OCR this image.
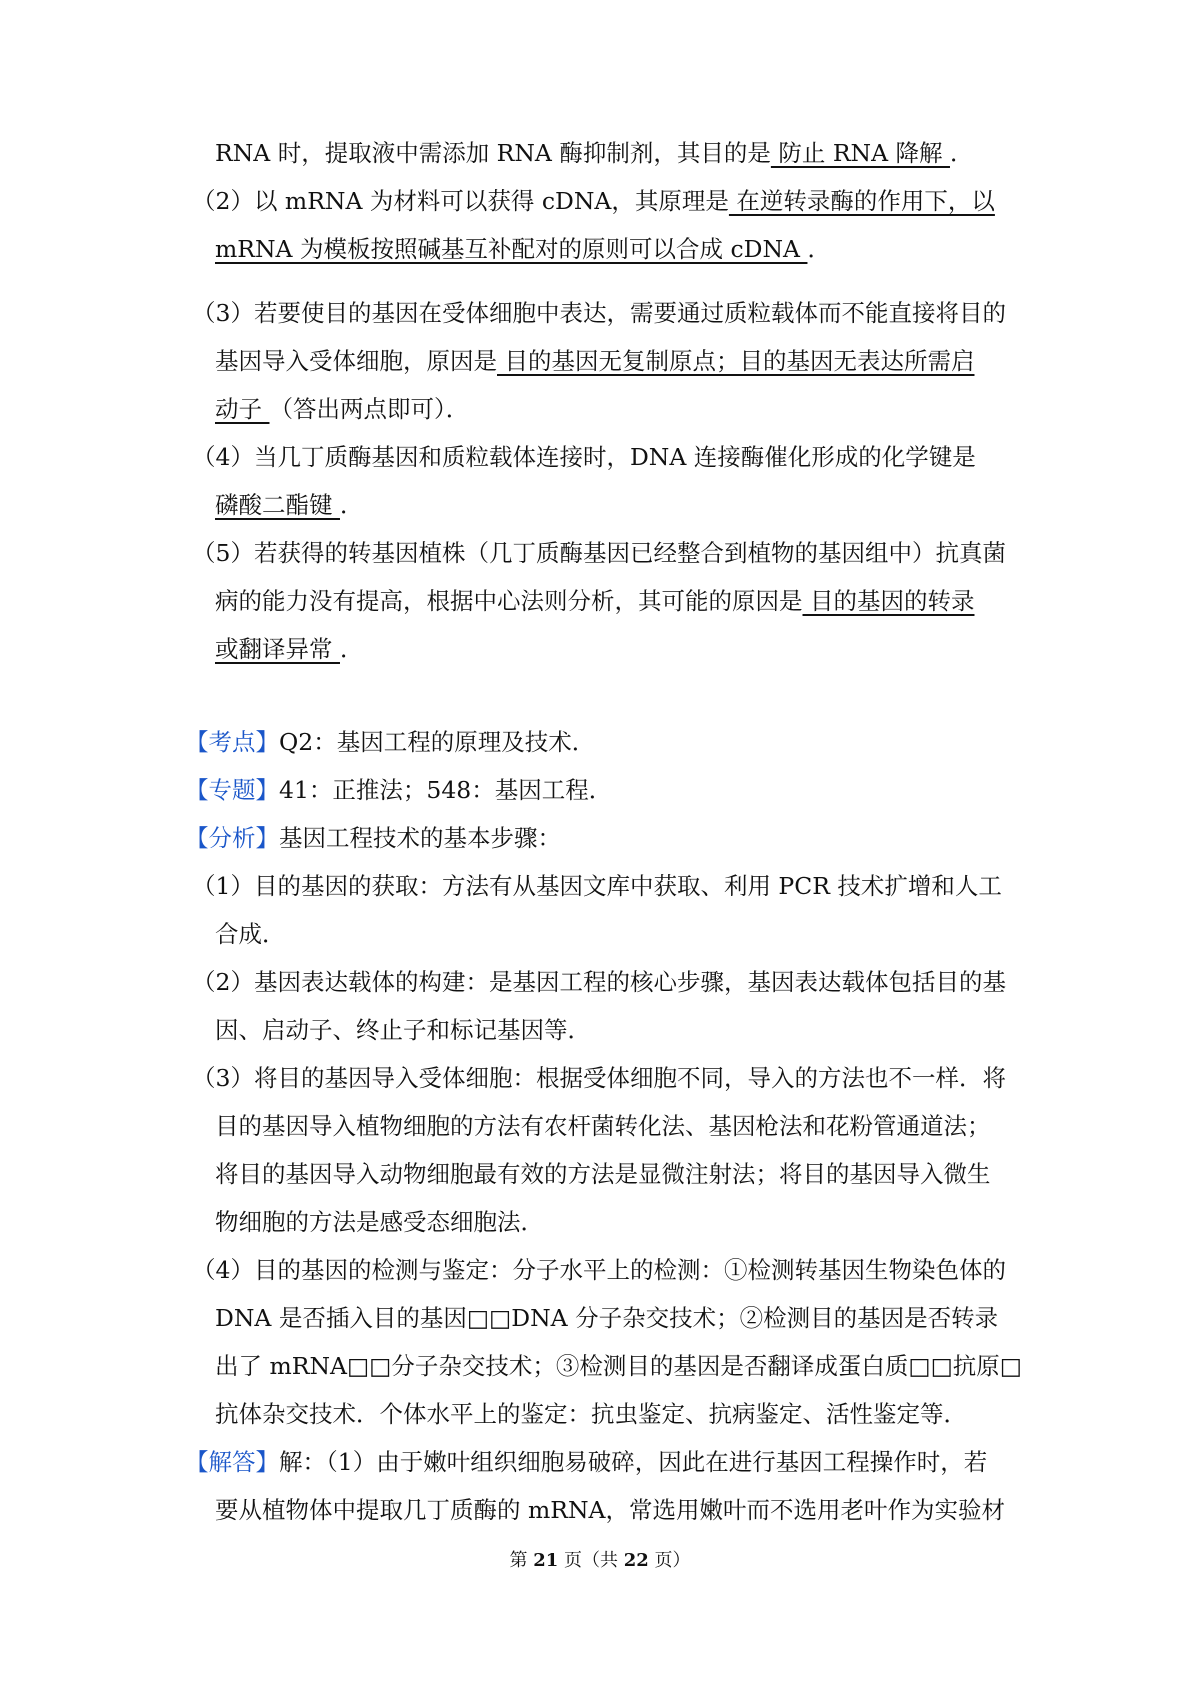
RNA 时，提取液中需添加 RNA 酶抑制剂，其目的是 防止 RNA 降解 ．
（2）以 mRNA 为材料可以获得 cDNA，其原理是 在逆转录酶的作用下，以
mRNA 为模板按照碱基互补配对的原则可以合成 cDNA ．
（3）若要使目的基因在受体细胞中表达，需要通过质粒载体而不能直接将目的
基因导入受体细胞，原因是 目的基因无复制原点；目的基因无表达所需启
动子 （答出两点即可）．
（4）当几丁质酶基因和质粒载体连接时，DNA 连接酶催化形成的化学键是
磷酸二酯键 ．
（5）若获得的转基因植株（几丁质酶基因已经整合到植物的基因组中）抗真菌
病的能力没有提高，根据中心法则分析，其可能的原因是 目的基因的转录
或翻译异常 ．
【考点】Q2：基因工程的原理及技术．
【专题】41：正推法；548：基因工程．
【分析】基因工程技术的基本步骤：
（1）目的基因的获取：方法有从基因文库中获取、利用 PCR 技术扩增和人工
合成．
（2）基因表达载体的构建：是基因工程的核心步骤，基因表达载体包括目的基
因、启动子、终止子和标记基因等．
（3）将目的基因导入受体细胞：根据受体细胞不同，导入的方法也不一样．将
目的基因导入植物细胞的方法有农杆菌转化法、基因枪法和花粉管通道法；
将目的基因导入动物细胞最有效的方法是显微注射法；将目的基因导入微生
物细胞的方法是感受态细胞法．
（4）目的基因的检测与鉴定：分子水平上的检测：①检测转基因生物染色体的
DNA 是否插入目的基因□□DNA 分子杂交技术；②检测目的基因是否转录
出了 mRNA□□分子杂交技术；③检测目的基因是否翻译成蛋白质□□抗原□
抗体杂交技术．个体水平上的鉴定：抗虫鉴定、抗病鉴定、活性鉴定等．
【解答】解：（1）由于嫩叶组织细胞易破碎，因此在进行基因工程操作时，若
要从植物体中提取几丁质酶的 mRNA，常选用嫩叶而不选用老叶作为实验材
第 21 页（共 22 页）
